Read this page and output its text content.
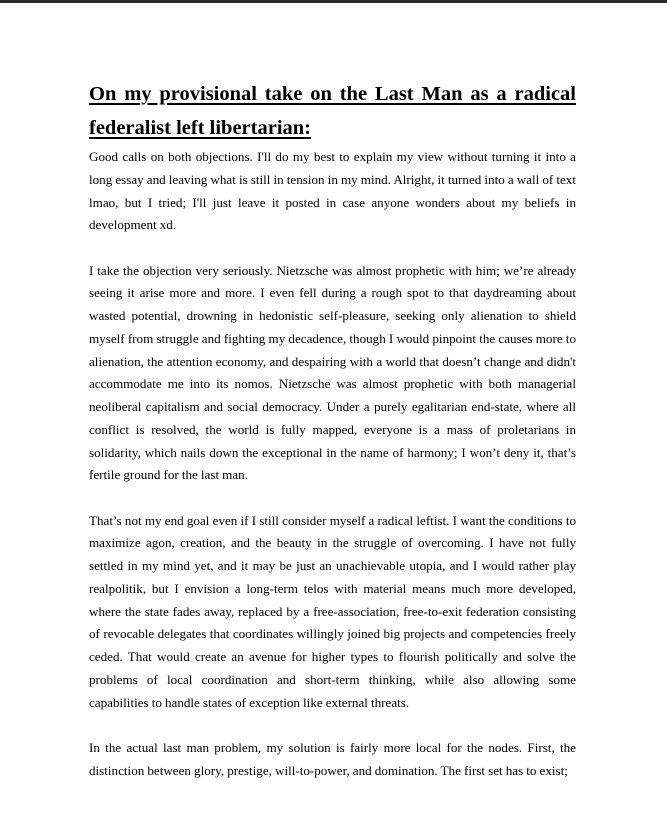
On my provisional take on the Last Man as a radical federalist left libertarian:

Good calls on both objections. I'll do my best to explain my view without turning it into a long essay and leaving what is still in tension in my mind. Alright, it turned into a wall of text lmao, but I tried; I'll just leave it posted in case anyone wonders about my beliefs in development xd.

I take the objection very seriously. Nietzsche was almost prophetic with him; we’re already seeing it arise more and more. I even fell during a rough spot to that daydreaming about wasted potential, drowning in hedonistic self-pleasure, seeking only alienation to shield myself from struggle and fighting my decadence, though I would pinpoint the causes more to alienation, the attention economy, and despairing with a world that doesn’t change and didn't accommodate me into its nomos. Nietzsche was almost prophetic with both managerial neoliberal capitalism and social democracy. Under a purely egalitarian end-state, where all conflict is resolved, the world is fully mapped, everyone is a mass of proletarians in solidarity, which nails down the exceptional in the name of harmony; I won’t deny it, that’s fertile ground for the last man.

That’s not my end goal even if I still consider myself a radical leftist. I want the conditions to maximize agon, creation, and the beauty in the struggle of overcoming. I have not fully settled in my mind yet, and it may be just an unachievable utopia, and I would rather play realpolitik, but I envision a long-term telos with material means much more developed, where the state fades away, replaced by a free-association, free-to-exit federation consisting of revocable delegates that coordinates willingly joined big projects and competencies freely ceded. That would create an avenue for higher types to flourish politically and solve the problems of local coordination and short-term thinking, while also allowing some capabilities to handle states of exception like external threats.

In the actual last man problem, my solution is fairly more local for the nodes. First, the distinction between glory, prestige, will-to-power, and domination. The first set has to exist;
